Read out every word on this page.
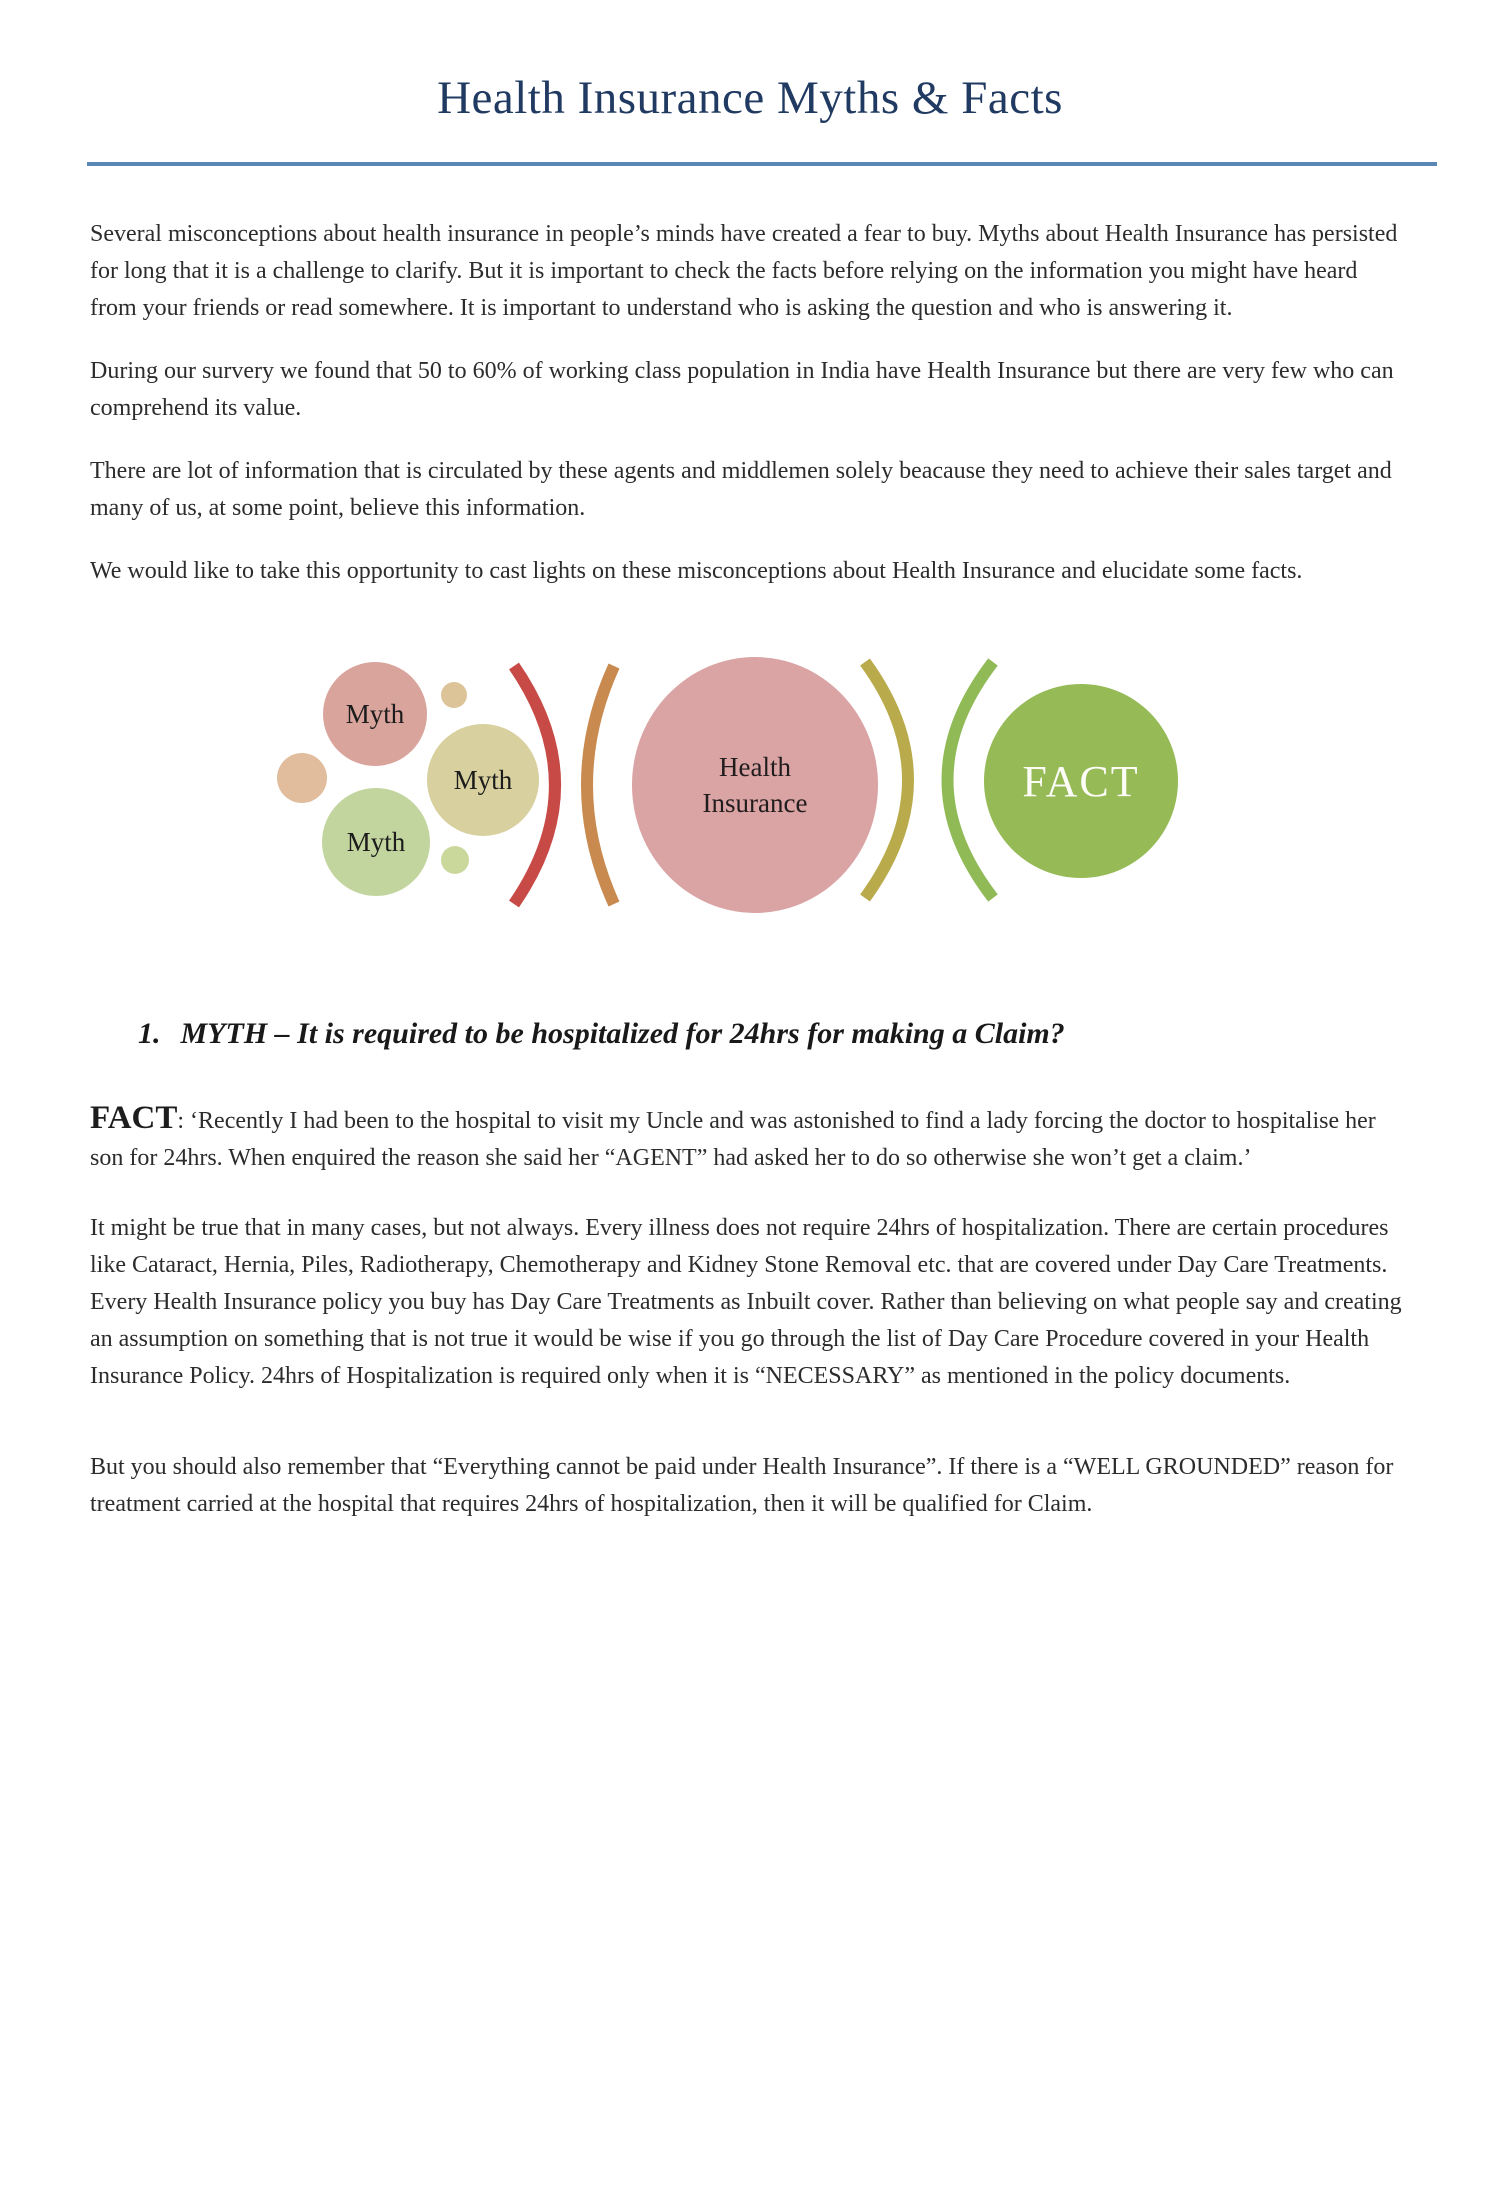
Health Insurance Myths & Facts

Several misconceptions about health insurance in people’s minds have created a fear to buy. Myths about Health Insurance has persisted for long that it is a challenge to clarify. But it is important to check the facts before relying on the information you might have heard from your friends or read somewhere. It is important to understand who is asking the question and who is answering it.

During our survery we found that 50 to 60% of working class population in India have Health Insurance but there are very few who can comprehend its value.

There are lot of information that is circulated by these agents and middlemen solely beacause they need to achieve their sales target and many of us, at some point, believe this information.

We would like to take this opportunity to cast lights on these misconceptions about Health Insurance and elucidate some facts.

Myth
Myth
Myth
Health
Insurance	FACT
1. MYTH – It is required to be hospitalized for 24hrs for making a Claim?

FACT: ‘Recently I had been to the hospital to visit my Uncle and was astonished to find a lady forcing the doctor to hospitalise her son for 24hrs. When enquired the reason she said her “AGENT” had asked her to do so otherwise she won’t get a claim.’

It might be true that in many cases, but not always. Every illness does not require 24hrs of hospitalization. There are certain procedures like Cataract, Hernia, Piles, Radiotherapy, Chemotherapy and Kidney Stone Removal etc. that are covered under Day Care Treatments. Every Health Insurance policy you buy has Day Care Treatments as Inbuilt cover. Rather than believing on what people say and creating an assumption on something that is not true it would be wise if you go through the list of Day Care Procedure covered in your Health Insurance Policy. 24hrs of Hospitalization is required only when it is “NECESSARY” as mentioned in the policy documents.

But you should also remember that “Everything cannot be paid under Health Insurance”. If there is a “WELL GROUNDED” reason for treatment carried at the hospital that requires 24hrs of hospitalization, then it will be qualified for Claim.
